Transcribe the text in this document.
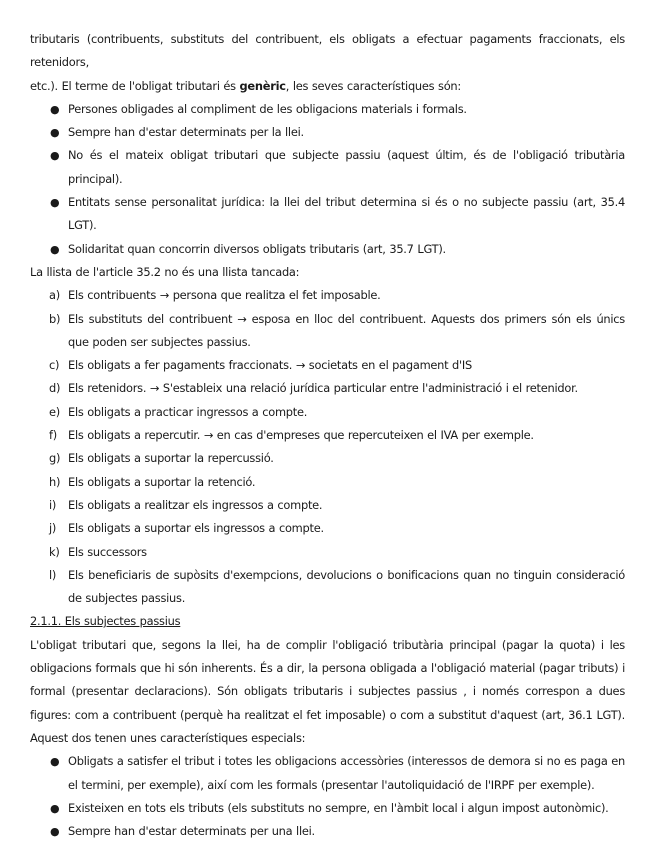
tributaris (contribuents, substituts del contribuent, els obligats a efectuar pagaments fraccionats, els retenidors,

etc.). El terme de l'obligat tributari és genèric, les seves característiques són:

● Persones obligades al compliment de les obligacions materials i formals.
● Sempre han d'estar determinats per la llei.
● No és el mateix obligat tributari que subjecte passiu (aquest últim, és de l'obligació tributària principal).
● Entitats sense personalitat jurídica: la llei del tribut determina si és o no subjecte passiu (art, 35.4 LGT).
● Solidaritat quan concorrin diversos obligats tributaris (art, 35.7 LGT).

La llista de l'article 35.2 no és una llista tancada:

a) Els contribuents → persona que realitza el fet imposable.
b) Els substituts del contribuent → esposa en lloc del contribuent. Aquests dos primers són els únics que poden ser subjectes passius.
c) Els obligats a fer pagaments fraccionats. → societats en el pagament d'IS
d) Els retenidors. → S'estableix una relació jurídica particular entre l'administració i el retenidor.
e) Els obligats a practicar ingressos a compte.
f) Els obligats a repercutir. → en cas d'empreses que repercuteixen el IVA per exemple.
g) Els obligats a suportar la repercussió.
h) Els obligats a suportar la retenció.
i) Els obligats a realitzar els ingressos a compte.
j) Els obligats a suportar els ingressos a compte.
k) Els successors
l) Els beneficiaris de supòsits d'exempcions, devolucions o bonificacions quan no tinguin consideració de subjectes passius.

2.1.1. Els subjectes passius

L'obligat tributari que, segons la llei, ha de complir l'obligació tributària principal (pagar la quota) i les obligacions formals que hi són inherents. És a dir, la persona obligada a l'obligació material (pagar tributs) i formal (presentar declaracions). Són obligats tributaris i subjectes passius , i només correspon a dues figures: com a contribuent (perquè ha realitzat el fet imposable) o com a substitut d'aquest (art, 36.1 LGT). Aquest dos tenen unes característiques especials:

● Obligats a satisfer el tribut i totes les obligacions accessòries (interessos de demora si no es paga en el termini, per exemple), així com les formals (presentar l'autoliquidació de l'IRPF per exemple).
● Existeixen en tots els tributs (els substituts no sempre, en l'àmbit local i algun impost autonòmic).
● Sempre han d'estar determinats per una llei.
